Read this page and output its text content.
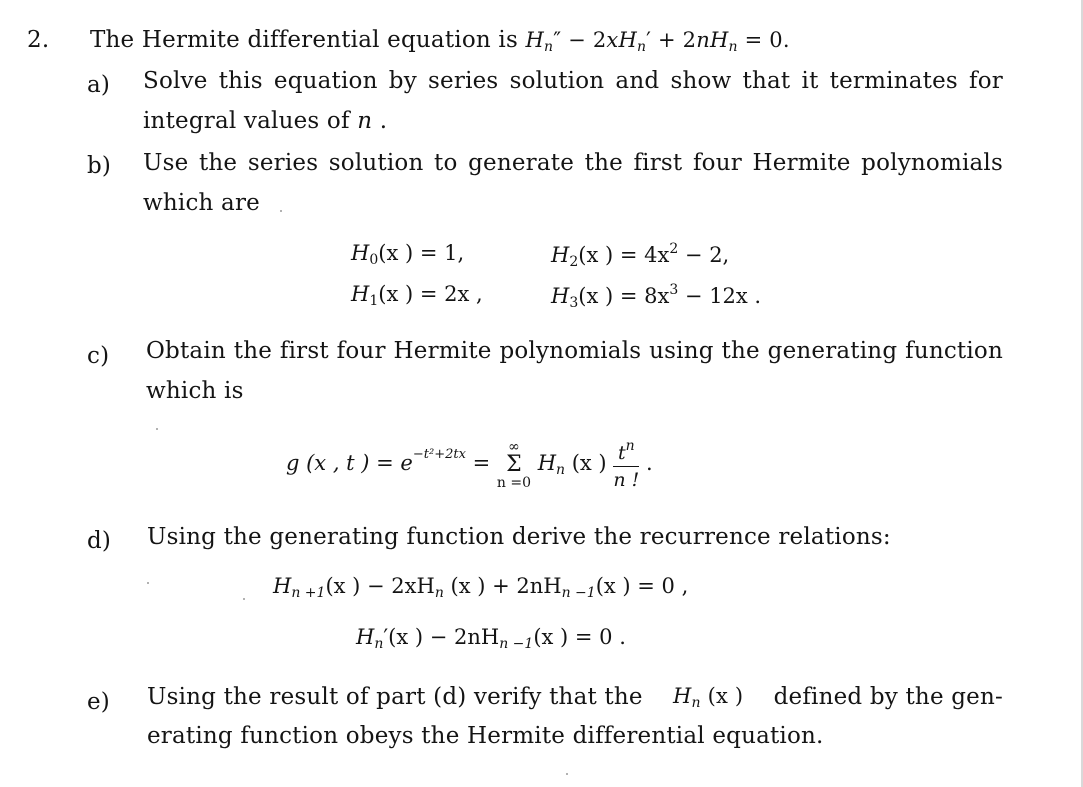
2. The Hermite differential equation is $H_n'' - 2xH_n' + 2nH_n = 0$.
a) Solve this equation by series solution and show that it terminates for
integral values of n .
b) Use the series solution to generate the first four Hermite polynomials
which are
$H_0(x$ ) = 1,
$H_1(x$ ) = 2x ,
$H_2(x$ ) = $4x^2 - 2$,
$H_3(x$ ) = $8x^3 - 12x$ .
c) Obtain the first four Hermite polynomials using the generating function
which is
g (x , t ) = $e^{-t^2+2tx}$ =
∞
Σ
n =0
$H_n$ (x ) $\frac{t^n}{n !}$ .
d) Using the generating function derive the recurrence relations:
$H_{n +1}(x$ ) − $2xH_n$ (x ) + $2nH_{n -1}(x$ ) = 0 ,
$H_n'(x$ ) − $2nH_{n -1}(x$ ) = 0 .
e) Using the result of part (d) verify that the $H_n$ (x ) defined by the gen-
erating function obeys the Hermite differential equation.
